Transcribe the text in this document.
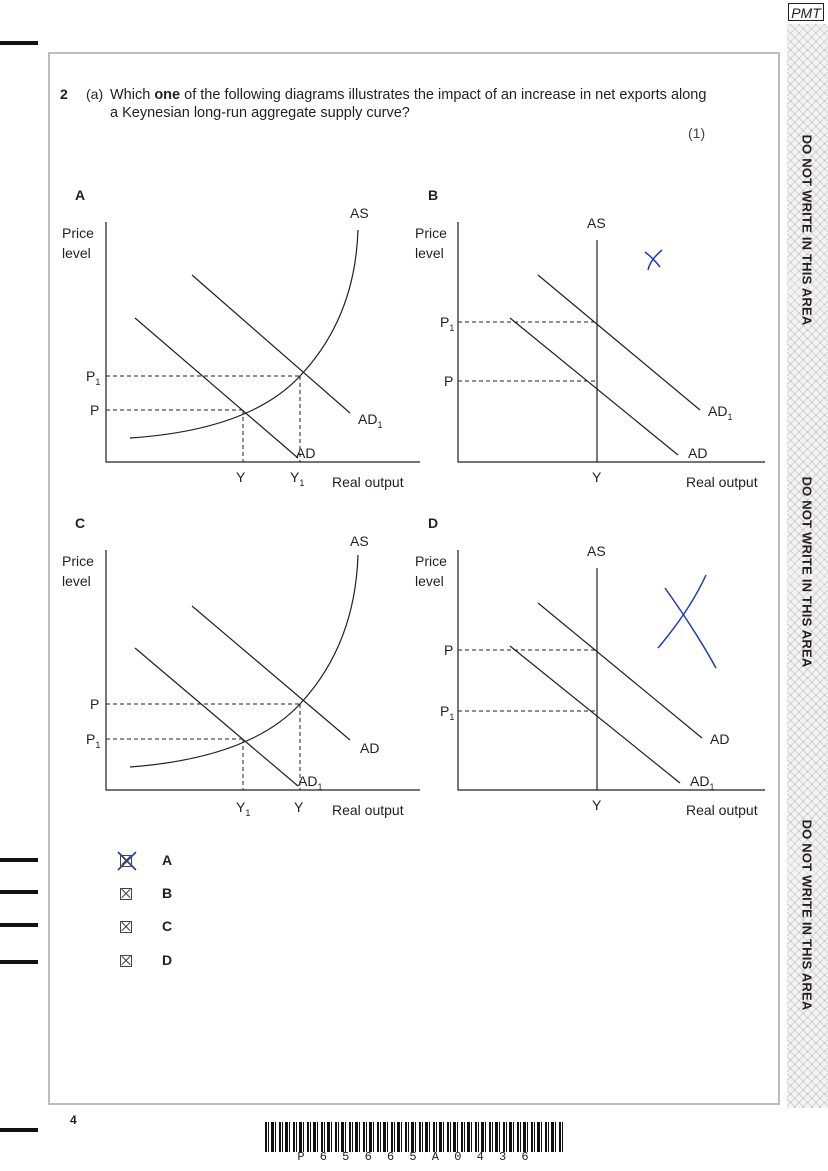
PMT
DO NOT WRITE IN THIS AREA
DO NOT WRITE IN THIS AREA
DO NOT WRITE IN THIS AREA
2 (a) Which one of the following diagrams illustrates the impact of an increase in net exports along a Keynesian long-run aggregate supply curve?
(1)
A
Price
level
AS
$P_1$
P
Y	$Y_1$ Real output
$AD_1$
AD
B
Price
level
AS
$P_1$
P
Y	Real output
$AD_1$
AD
C
Price
level
AS
P
$P_1$
$Y_1$	Y Real output
AD
$AD_1$
D
Price
level
AS
P
$P_1$
Y	Real output
AD
$AD_1$
A
B
C
D
4
P 6 5 6 6 5 A 0 4 3 6
